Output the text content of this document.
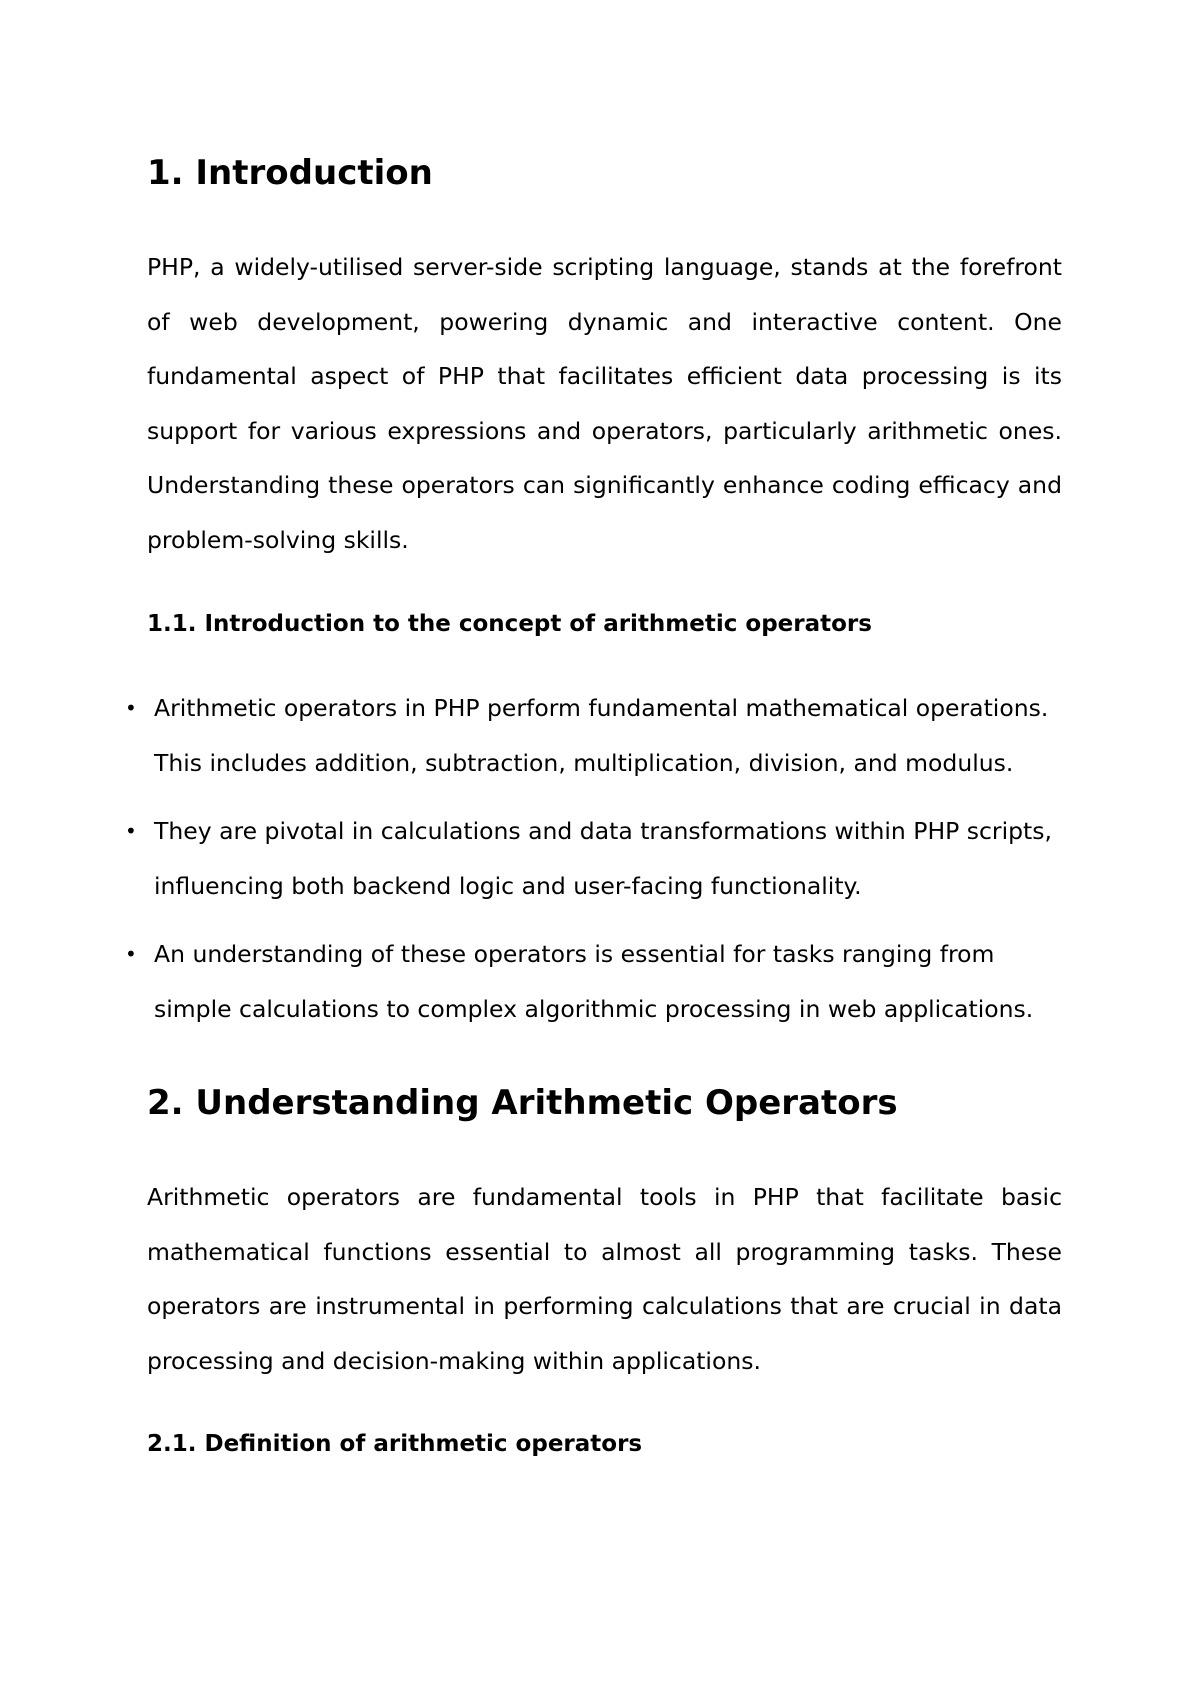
1. Introduction

PHP, a widely-utilised server-side scripting language, stands at the forefront of web development, powering dynamic and interactive content. One fundamental aspect of PHP that facilitates efficient data processing is its support for various expressions and operators, particularly arithmetic ones. Understanding these operators can significantly enhance coding efficacy and problem-solving skills.

1.1. Introduction to the concept of arithmetic operators
• Arithmetic operators in PHP perform fundamental mathematical operations. This includes addition, subtraction, multiplication, division, and modulus.
• They are pivotal in calculations and data transformations within PHP scripts, influencing both backend logic and user-facing functionality.
• An understanding of these operators is essential for tasks ranging from simple calculations to complex algorithmic processing in web applications.
2. Understanding Arithmetic Operators

Arithmetic operators are fundamental tools in PHP that facilitate basic mathematical functions essential to almost all programming tasks. These operators are instrumental in performing calculations that are crucial in data processing and decision-making within applications.

2.1. Definition of arithmetic operators
